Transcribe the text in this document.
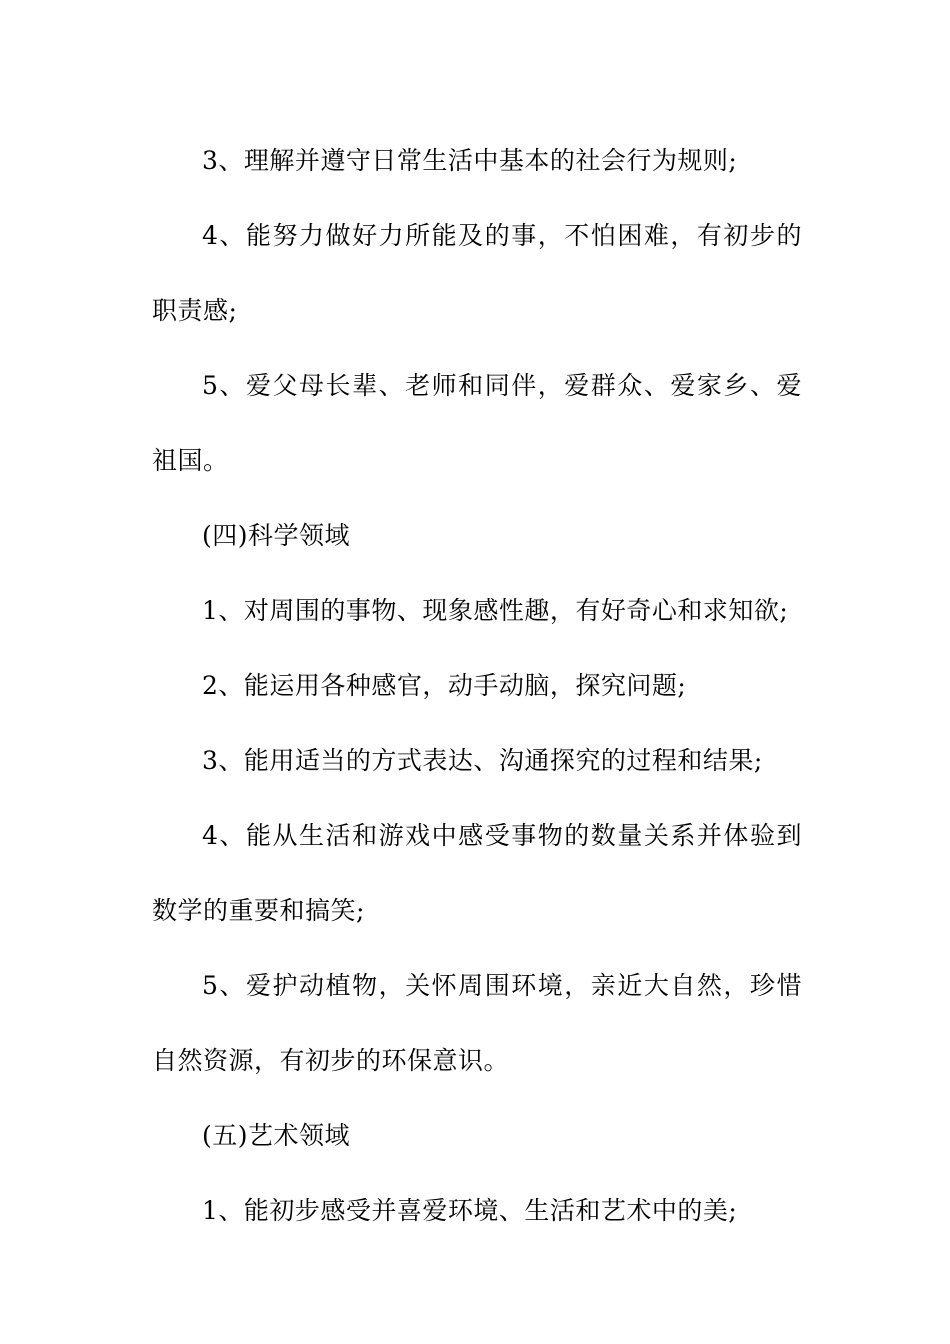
3、理解并遵守日常生活中基本的社会行为规则;

4、能努力做好力所能及的事，不怕困难，有初步的职责感;

5、爱父母长辈、老师和同伴，爱群众、爱家乡、爱祖国。

(四)科学领域

1、对周围的事物、现象感性趣，有好奇心和求知欲;

2、能运用各种感官，动手动脑，探究问题;

3、能用适当的方式表达、沟通探究的过程和结果;

4、能从生活和游戏中感受事物的数量关系并体验到数学的重要和搞笑;

5、爱护动植物，关怀周围环境，亲近大自然，珍惜自然资源，有初步的环保意识。

(五)艺术领域

1、能初步感受并喜爱环境、生活和艺术中的美;
